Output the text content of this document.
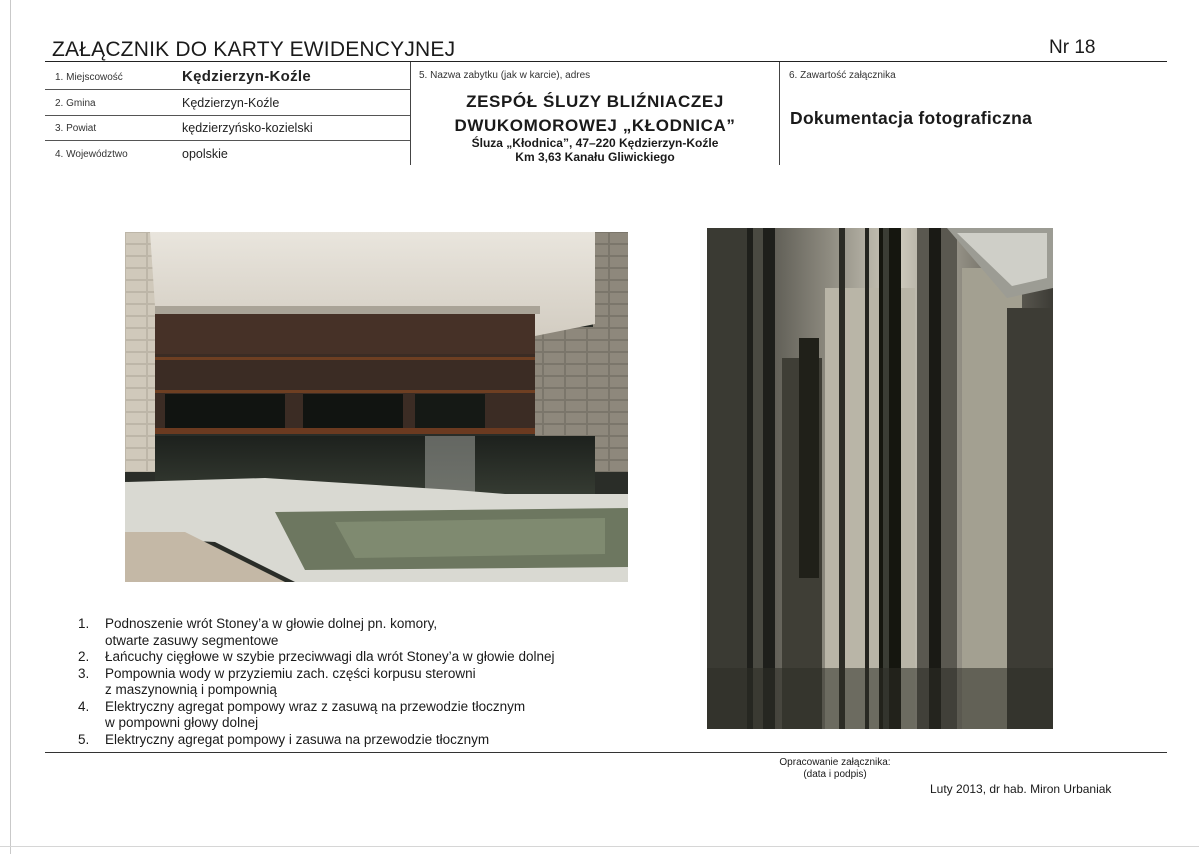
ZAŁĄCZNIK DO KARTY EWIDENCYJNEJ	Nr 18
1. Miejscowość	Kędzierzyn-Koźle
2. Gmina	Kędzierzyn-Koźle
3. Powiat	kędzierzyńsko-kozielski
4. Województwo	opolskie
5. Nazwa zabytku (jak w karcie), adres
ZESPÓŁ ŚLUZY BLIŹNIACZEJ
DWUKOMOROWEJ „KŁODNICA”
Śluza „Kłodnica”, 47–220 Kędzierzyn-Koźle
Km 3,63 Kanału Gliwickiego
6. Zawartość załącznika
Dokumentacja fotograficzna
1. Podnoszenie wrót Stoney’a w głowie dolnej pn. komory,
otwarte zasuwy segmentowe
2. Łańcuchy cięgłowe w szybie przeciwwagi dla wrót Stoney’a w głowie dolnej
3. Pompownia wody w przyziemiu zach. części korpusu sterowni
z maszynownią i pompownią
4. Elektryczny agregat pompowy wraz z zasuwą na przewodzie tłocznym
w pompowni głowy dolnej
5. Elektryczny agregat pompowy i zasuwa na przewodzie tłocznym
Opracowanie załącznika:
(data i podpis)
Luty 2013, dr hab. Miron Urbaniak
